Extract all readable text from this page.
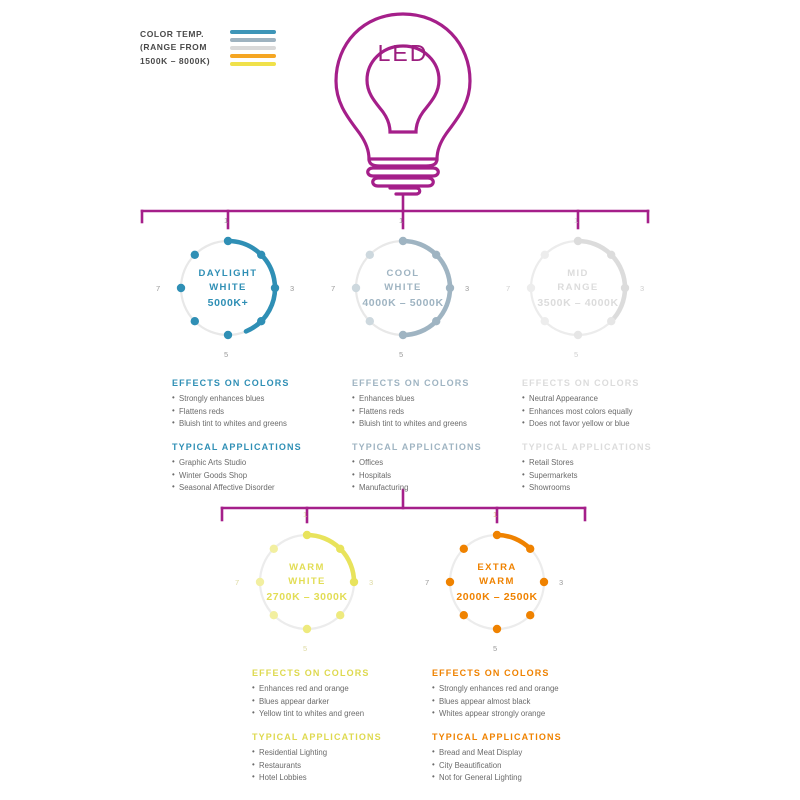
COLOR TEMP.
(RANGE FROM
1500K – 8000K)	LED
DAYLIGHT
WHITE
5000K+
1
3
5
7
COOL
WHITE
4000K – 5000K
1
3
5
7
MID
RANGE
3500K – 4000K
1
3
5
7
EFFECTS ON COLORS
• Strongly enhances blues
• Flattens reds
• Bluish tint to whites and greens
TYPICAL APPLICATIONS
• Graphic Arts Studio
• Winter Goods Shop
• Seasonal Affective Disorder
EFFECTS ON COLORS
• Enhances blues
• Flattens reds
• Bluish tint to whites and greens
TYPICAL APPLICATIONS
• Offices
• Hospitals
• Manufacturing
EFFECTS ON COLORS
• Neutral Appearance
• Enhances most colors equally
• Does not favor yellow or blue
TYPICAL APPLICATIONS
• Retail Stores
• Supermarkets
• Showrooms
WARM
WHITE
2700K – 3000K
1
3
5
7
EXTRA
WARM
2000K – 2500K
1
3
5
7
EFFECTS ON COLORS
• Enhances red and orange
• Blues appear darker
• Yellow tint to whites and green
TYPICAL APPLICATIONS
• Residential Lighting
• Restaurants
• Hotel Lobbies
EFFECTS ON COLORS
• Strongly enhances red and orange
• Blues appear almost black
• Whites appear strongly orange
TYPICAL APPLICATIONS
• Bread and Meat Display
• City Beautification
• Not for General Lighting
